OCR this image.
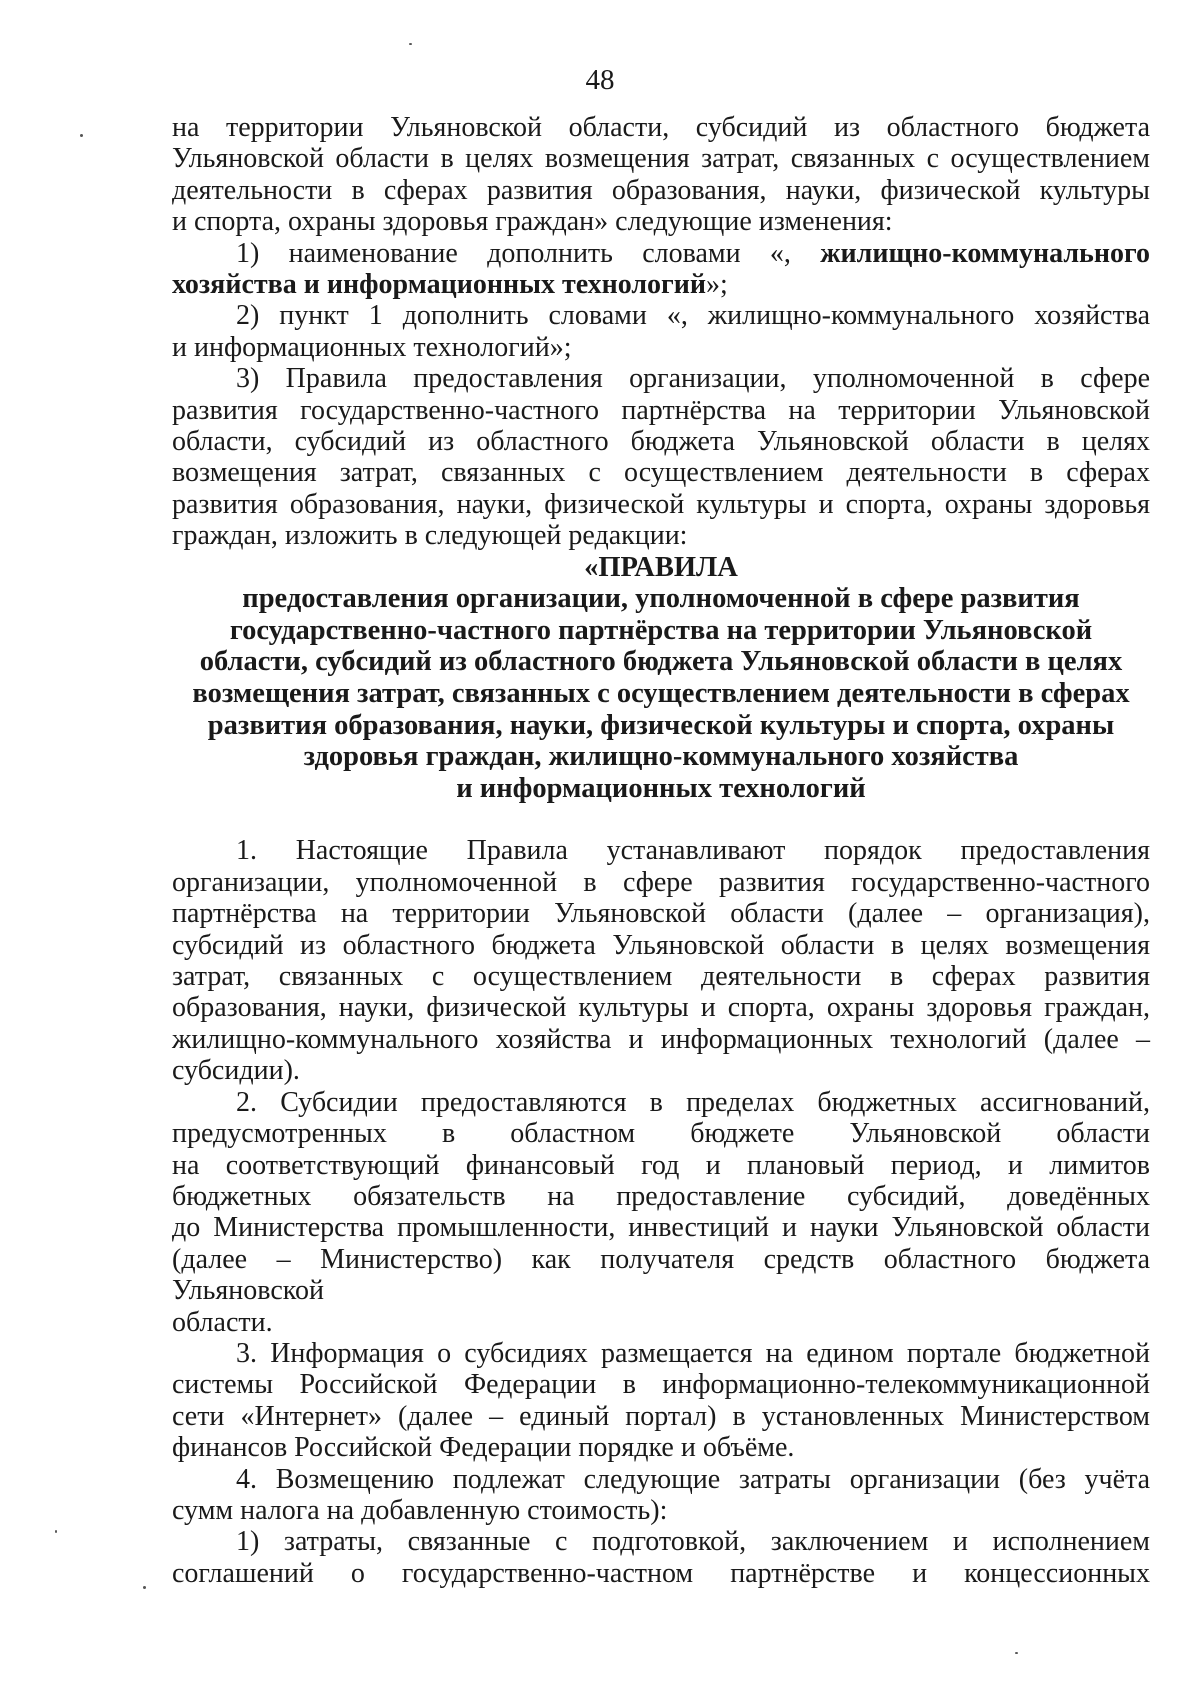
48

на территории Ульяновской области, субсидий из областного бюджета

Ульяновской области в целях возмещения затрат, связанных с осуществлением

деятельности в сферах развития образования, науки, физической культуры

и спорта, охраны здоровья граждан» следующие изменения:

1) наименование дополнить словами «, жилищно-коммунального

хозяйства и информационных технологий»;

2) пункт 1 дополнить словами «, жилищно-коммунального хозяйства

и информационных технологий»;

3) Правила предоставления организации, уполномоченной в сфере

развития государственно-частного партнёрства на территории Ульяновской

области, субсидий из областного бюджета Ульяновской области в целях

возмещения затрат, связанных с осуществлением деятельности в сферах

развития образования, науки, физической культуры и спорта, охраны здоровья

граждан, изложить в следующей редакции:

«ПРАВИЛА

предоставления организации, уполномоченной в сфере развития

государственно-частного партнёрства на территории Ульяновской

области, субсидий из областного бюджета Ульяновской области в целях

возмещения затрат, связанных с осуществлением деятельности в сферах

развития образования, науки, физической культуры и спорта, охраны

здоровья граждан, жилищно-коммунального хозяйства

и информационных технологий

1. Настоящие Правила устанавливают порядок предоставления

организации, уполномоченной в сфере развития государственно-частного

партнёрства на территории Ульяновской области (далее – организация),

субсидий из областного бюджета Ульяновской области в целях возмещения

затрат, связанных с осуществлением деятельности в сферах развития

образования, науки, физической культуры и спорта, охраны здоровья граждан,

жилищно-коммунального хозяйства и информационных технологий (далее –

субсидии).

2. Субсидии предоставляются в пределах бюджетных ассигнований,

предусмотренных в областном бюджете Ульяновской области

на соответствующий финансовый год и плановый период, и лимитов

бюджетных обязательств на предоставление субсидий, доведённых

до Министерства промышленности, инвестиций и науки Ульяновской области

(далее – Министерство) как получателя средств областного бюджета Ульяновской

области.

3. Информация о субсидиях размещается на едином портале бюджетной

системы Российской Федерации в информационно-телекоммуникационной

сети «Интернет» (далее – единый портал) в установленных Министерством

финансов Российской Федерации порядке и объёме.

4. Возмещению подлежат следующие затраты организации (без учёта

сумм налога на добавленную стоимость):

1) затраты, связанные с подготовкой, заключением и исполнением

соглашений о государственно-частном партнёрстве и концессионных
